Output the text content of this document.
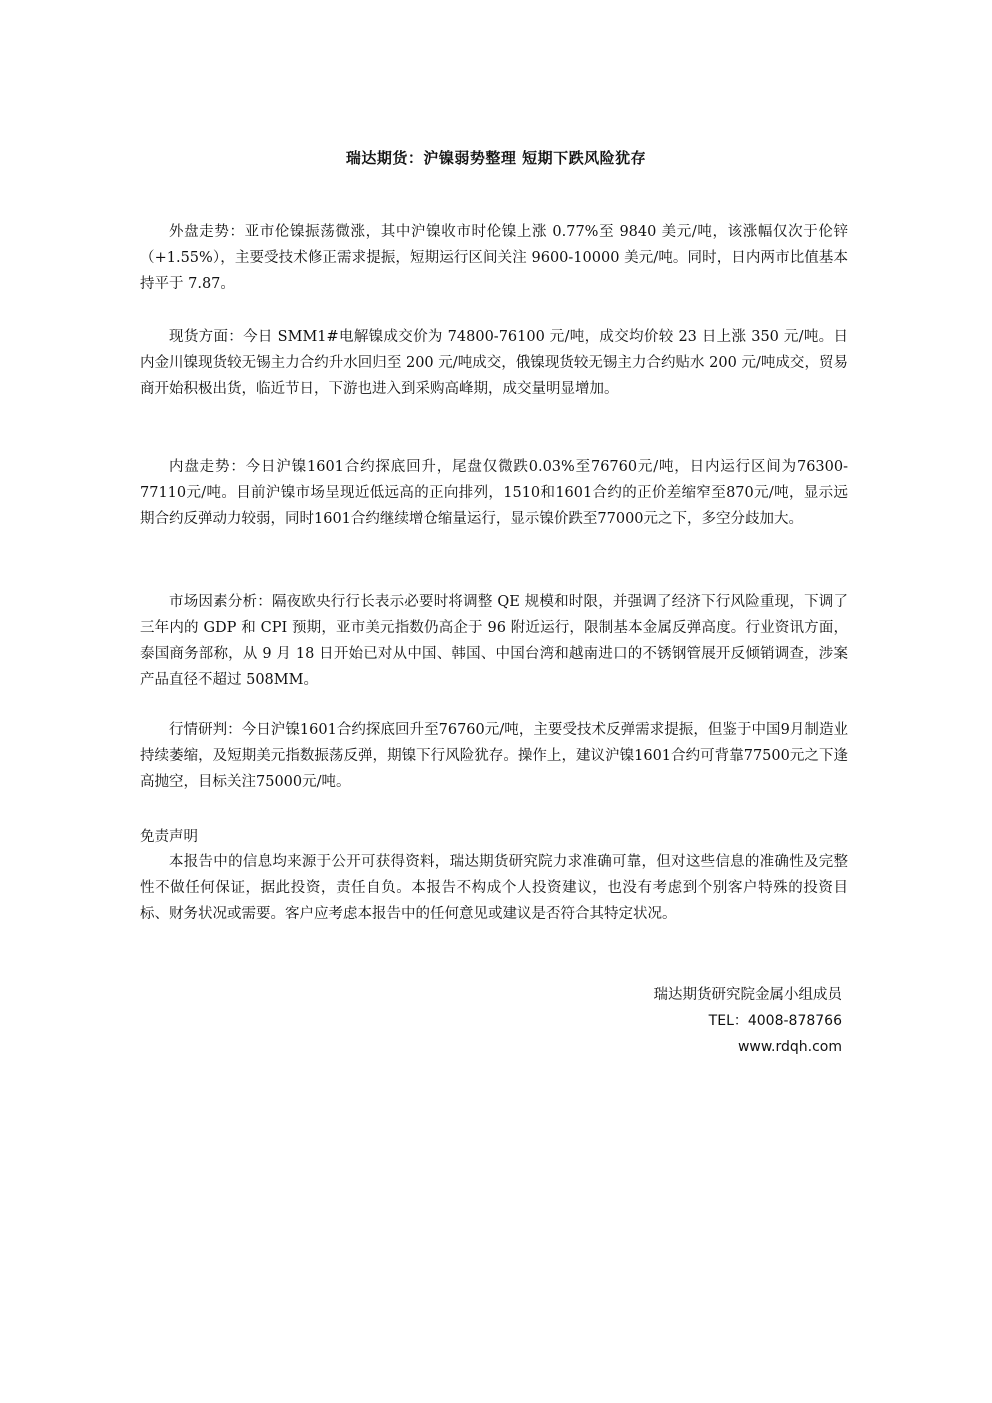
瑞达期货：沪镍弱势整理 短期下跌风险犹存

外盘走势：亚市伦镍振荡微涨，其中沪镍收市时伦镍上涨 0.77%至 9840 美元/吨，该涨幅仅次于伦锌（+1.55%），主要受技术修正需求提振，短期运行区间关注 9600-10000 美元/吨。同时，日内两市比值基本持平于 7.87。

现货方面：今日 SMM1#电解镍成交价为 74800-76100 元/吨，成交均价较 23 日上涨 350 元/吨。日内金川镍现货较无锡主力合约升水回归至 200 元/吨成交，俄镍现货较无锡主力合约贴水 200 元/吨成交，贸易商开始积极出货，临近节日，下游也进入到采购高峰期，成交量明显增加。

内盘走势：今日沪镍1601合约探底回升，尾盘仅微跌0.03%至76760元/吨，日内运行区间为76300-77110元/吨。目前沪镍市场呈现近低远高的正向排列，1510和1601合约的正价差缩窄至870元/吨，显示远期合约反弹动力较弱，同时1601合约继续增仓缩量运行，显示镍价跌至77000元之下，多空分歧加大。

市场因素分析：隔夜欧央行行长表示必要时将调整 QE 规模和时限，并强调了经济下行风险重现，下调了三年内的 GDP 和 CPI 预期，亚市美元指数仍高企于 96 附近运行，限制基本金属反弹高度。行业资讯方面，泰国商务部称，从 9 月 18 日开始已对从中国、韩国、中国台湾和越南进口的不锈钢管展开反倾销调查，涉案产品直径不超过 508MM。

行情研判：今日沪镍1601合约探底回升至76760元/吨，主要受技术反弹需求提振，但鉴于中国9月制造业持续萎缩，及短期美元指数振荡反弹，期镍下行风险犹存。操作上，建议沪镍1601合约可背靠77500元之下逢高抛空，目标关注75000元/吨。

免责声明

本报告中的信息均来源于公开可获得资料，瑞达期货研究院力求准确可靠，但对这些信息的准确性及完整性不做任何保证，据此投资，责任自负。本报告不构成个人投资建议，也没有考虑到个别客户特殊的投资目标、财务状况或需要。客户应考虑本报告中的任何意见或建议是否符合其特定状况。

瑞达期货研究院金属小组成员

TEL：4008-878766

www.rdqh.com
